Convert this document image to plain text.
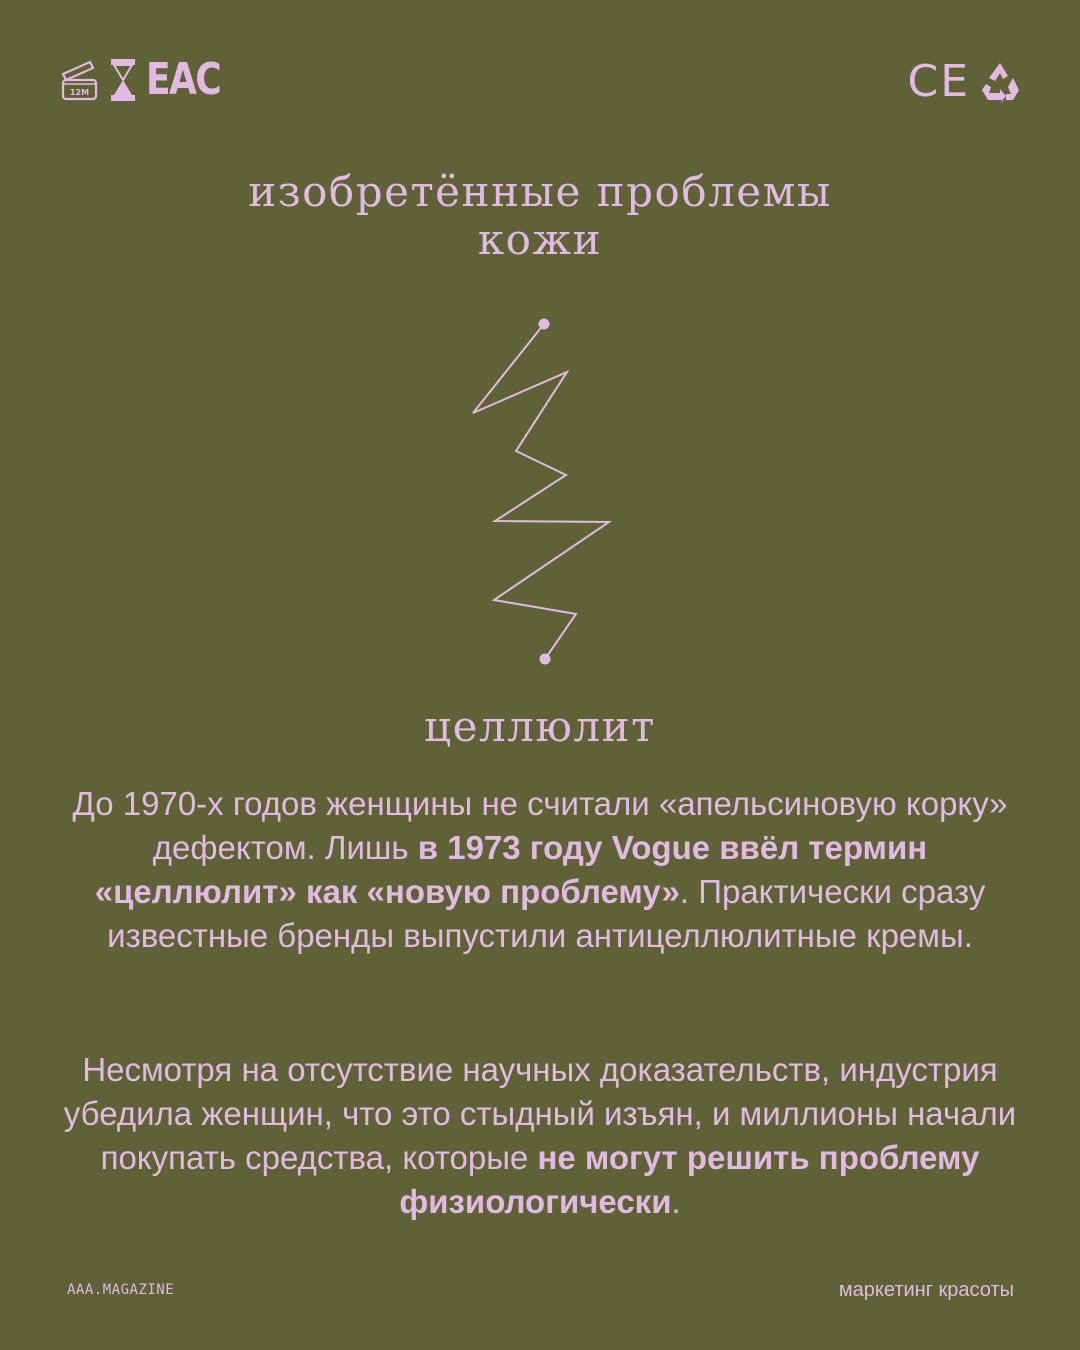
12M EAC	CE
изобретённые проблемы
кожи
целлюлит

До 1970-х годов женщины не считали «апельсиновую корку» дефектом. Лишь в 1973 году Vogue ввёл термин «целлюлит» как «новую проблему». Практически сразу известные бренды выпустили антицеллюлитные кремы.

Несмотря на отсутствие научных доказательств, индустрия убедила женщин, что это стыдный изъян, и миллионы начали покупать средства, которые не могут решить проблему физиологически.

AAA.MAGAZINE	маркетинг красоты
